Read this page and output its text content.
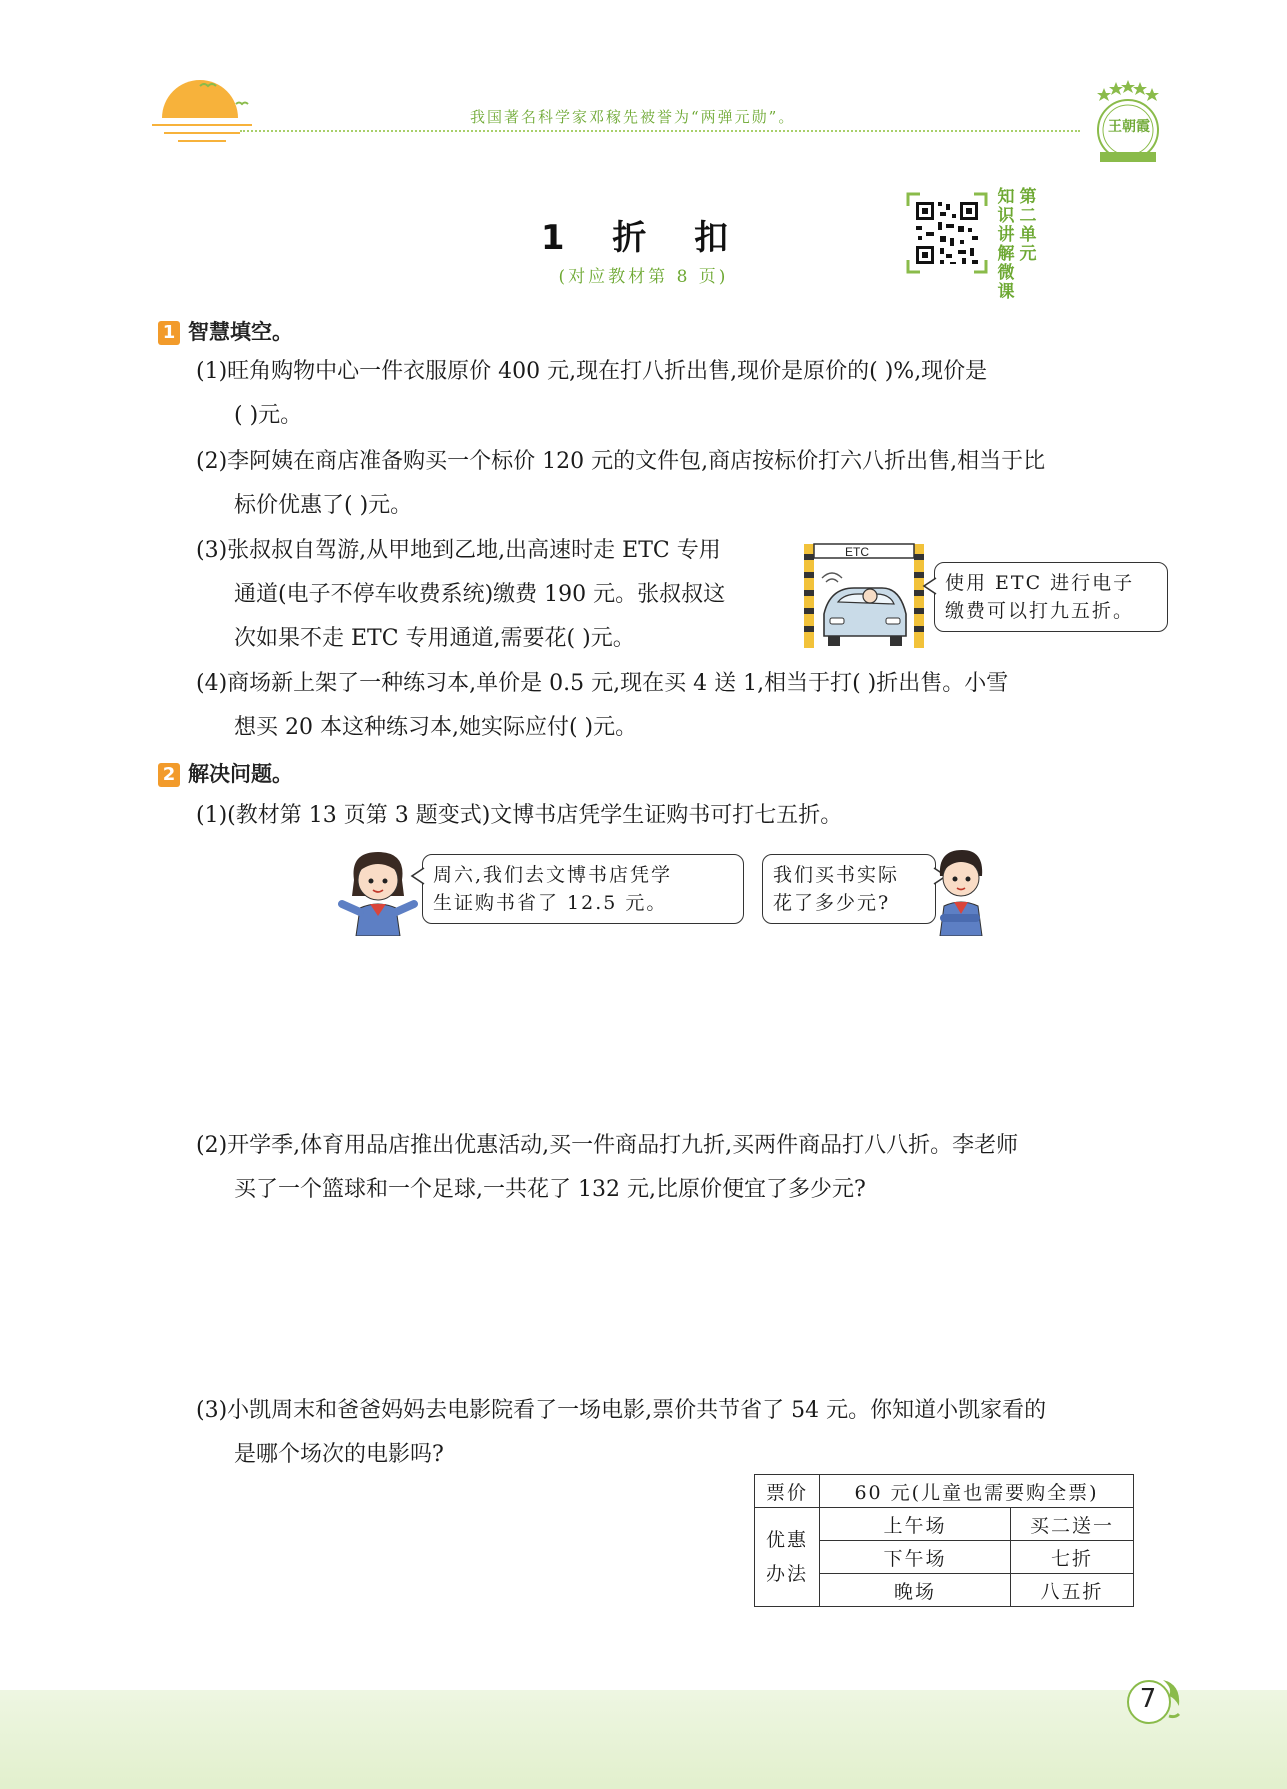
我国著名科学家邓稼先被誉为“两弹元勋”。
王朝霞
1 折 扣
(对应教材第 8 页)
知识讲解微课
第二单元
1 智慧填空。
(1)旺角购物中心一件衣服原价 400 元,现在打八折出售,现价是原价的( )%,现价是
( )元。
(2)李阿姨在商店准备购买一个标价 120 元的文件包,商店按标价打六八折出售,相当于比
标价优惠了( )元。
(3)张叔叔自驾游,从甲地到乙地,出高速时走 ETC 专用
通道(电子不停车收费系统)缴费 190 元。张叔叔这
次如果不走 ETC 专用通道,需要花( )元。
ETC
使用 ETC 进行电子
缴费可以打九五折。
(4)商场新上架了一种练习本,单价是 0.5 元,现在买 4 送 1,相当于打( )折出售。小雪
想买 20 本这种练习本,她实际应付( )元。
2 解决问题。
(1)(教材第 13 页第 3 题变式)文博书店凭学生证购书可打七五折。
周六,我们去文博书店凭学
生证购书省了 12.5 元。
我们买书实际
花了多少元?
(2)开学季,体育用品店推出优惠活动,买一件商品打九折,买两件商品打八八折。李老师
买了一个篮球和一个足球,一共花了 132 元,比原价便宜了多少元?
(3)小凯周末和爸爸妈妈去电影院看了一场电影,票价共节省了 54 元。你知道小凯家看的
是哪个场次的电影吗?
票价	60 元(儿童也需要购全票)	

优惠
办法	上午场	买二送一
	下午场	七折
	晚场	八五折
7
